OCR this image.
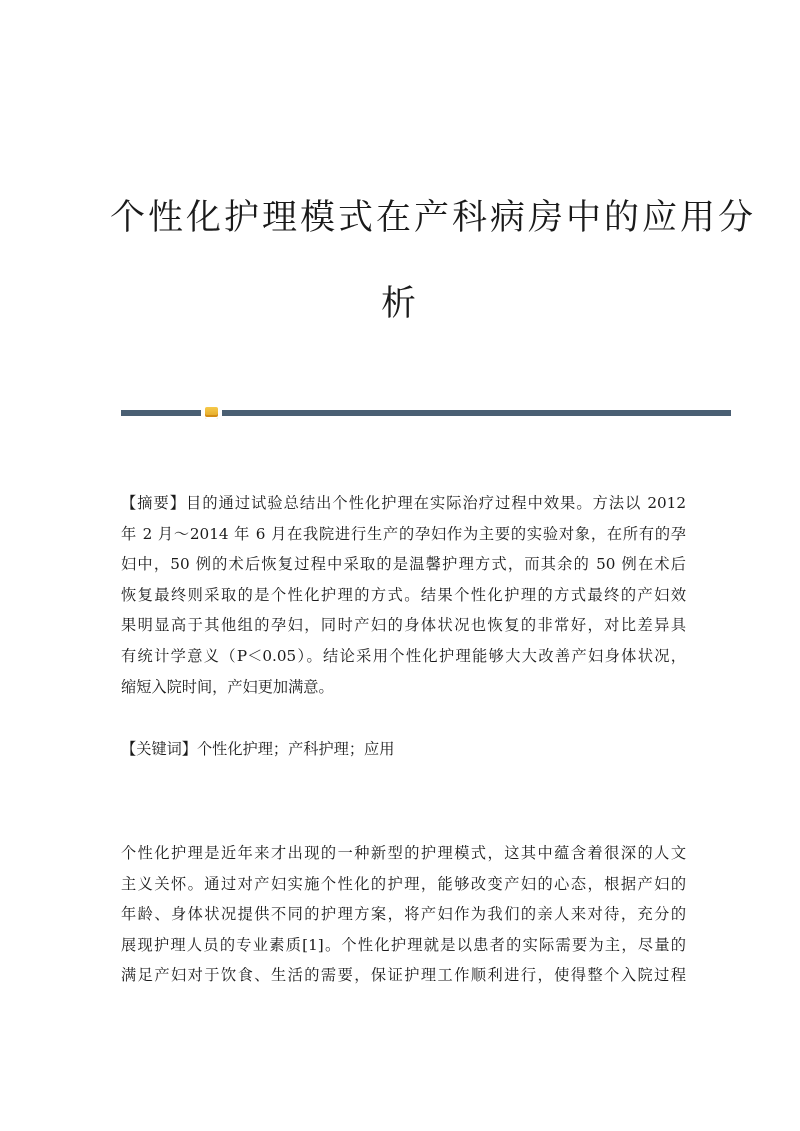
个性化护理模式在产科病房中的应用分
析

【摘要】目的通过试验总结出个性化护理在实际治疗过程中效果。方法以 2012
年 2 月～2014 年 6 月在我院进行生产的孕妇作为主要的实验对象，在所有的孕
妇中，50 例的术后恢复过程中采取的是温馨护理方式，而其余的 50 例在术后
恢复最终则采取的是个性化护理的方式。结果个性化护理的方式最终的产妇效
果明显高于其他组的孕妇，同时产妇的身体状况也恢复的非常好，对比差异具
有统计学意义（P＜0.05）。结论采用个性化护理能够大大改善产妇身体状况，
缩短入院时间，产妇更加满意。

【关键词】个性化护理；产科护理；应用

个性化护理是近年来才出现的一种新型的护理模式，这其中蕴含着很深的人文
主义关怀。通过对产妇实施个性化的护理，能够改变产妇的心态，根据产妇的
年龄、身体状况提供不同的护理方案，将产妇作为我们的亲人来对待，充分的
展现护理人员的专业素质[1]。个性化护理就是以患者的实际需要为主，尽量的
满足产妇对于饮食、生活的需要，保证护理工作顺利进行，使得整个入院过程
